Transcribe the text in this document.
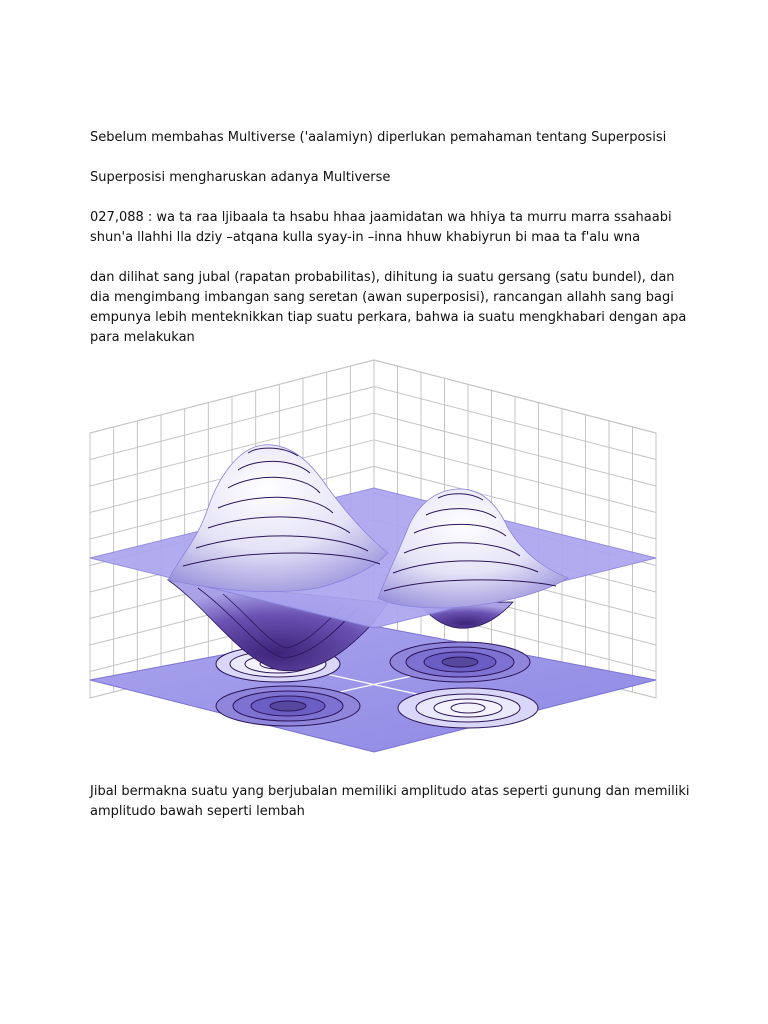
Sebelum membahas Multiverse ('aalamiyn) diperlukan pemahaman tentang Superposisi

Superposisi mengharuskan adanya Multiverse

027,088 : wa ta raa ljibaala ta hsabu hhaa jaamidatan wa hhiya ta murru marra ssahaabi shun'a llahhi lla dziy –atqana kulla syay-in –inna hhuw khabiyrun bi maa ta f'alu wna

dan dilihat sang jubal (rapatan probabilitas), dihitung ia suatu gersang (satu bundel), dan dia mengimbang imbangan sang seretan (awan superposisi), rancangan allahh sang bagi empunya lebih menteknikkan tiap suatu perkara, bahwa ia suatu mengkhabari dengan apa para melakukan

Jibal bermakna suatu yang berjubalan memiliki amplitudo atas seperti gunung dan memiliki amplitudo bawah seperti lembah
